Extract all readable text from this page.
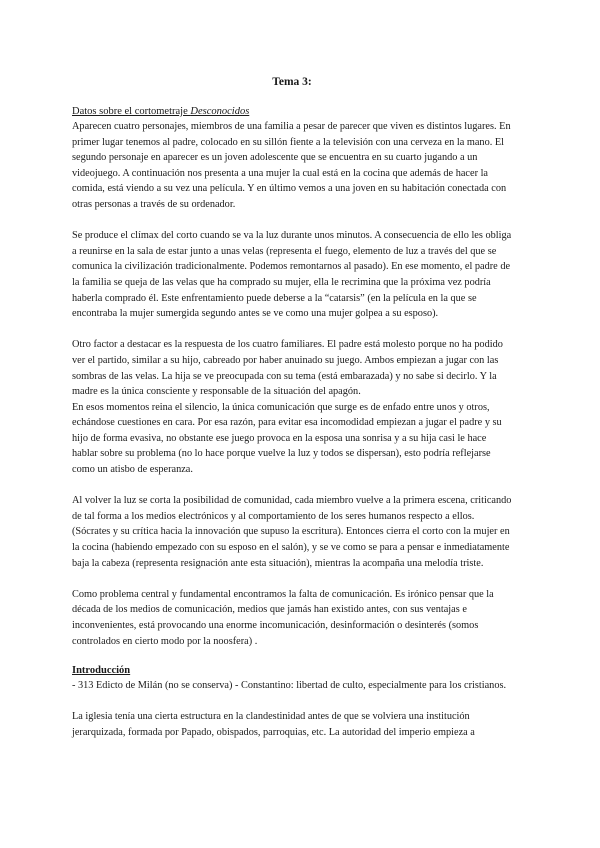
Tema 3:
Datos sobre el cortometraje Desconocidos

Aparecen cuatro personajes, miembros de una familia a pesar de parecer que viven es distintos lugares. En primer lugar tenemos al padre, colocado en su sillón fiente a la televisión con una cerveza en la mano. El segundo personaje en aparecer es un joven adolescente que se encuentra en su cuarto jugando a un videojuego. A continuación nos presenta a una mujer la cual está en la cocina que además de hacer la comida, está viendo a su vez una película. Y en último vemos a una joven en su habitación conectada con otras personas a través de su ordenador.

Se produce el clímax del corto cuando se va la luz durante unos minutos. A consecuencia de ello les obliga a reunirse en la sala de estar junto a unas velas (representa el fuego, elemento de luz a través del que se comunica la civilización tradicionalmente. Podemos remontarnos al pasado). En ese momento, el padre de la familia se queja de las velas que ha comprado su mujer, ella le recrimina que la próxima vez podría haberla comprado él. Este enfrentamiento puede deberse a la “catarsis” (en la película en la que se encontraba la mujer sumergida segundo antes se ve como una mujer golpea a su esposo).

Otro factor a destacar es la respuesta de los cuatro familiares. El padre está molesto porque no ha podido ver el partido, similar a su hijo, cabreado por haber anuinado su juego. Ambos empiezan a jugar con las sombras de las velas. La hija se ve preocupada con su tema (está embarazada) y no sabe si decirlo. Y la madre es la única consciente y responsable de la situación del apagón.

En esos momentos reina el silencio, la única comunicación que surge es de enfado entre unos y otros, echándose cuestiones en cara. Por esa razón, para evitar esa incomodidad empiezan a jugar el padre y su hijo de forma evasiva, no obstante ese juego provoca en la esposa una sonrisa y a su hija casi le hace hablar sobre su problema (no lo hace porque vuelve la luz y todos se dispersan), esto podría reflejarse como un atisbo de esperanza.

Al volver la luz se corta la posibilidad de comunidad, cada miembro vuelve a la primera escena, criticando de tal forma a los medios electrónicos y al comportamiento de los seres humanos respecto a ellos. (Sócrates y su crítica hacia la innovación que supuso la escritura). Entonces cierra el corto con la mujer en la cocina (habiendo empezado con su esposo en el salón), y se ve como se para a pensar e inmediatamente baja la cabeza (representa resignación ante esta situación), mientras la acompaña una melodía triste.

Como problema central y fundamental encontramos la falta de comunicación. Es irónico pensar que la década de los medios de comunicación, medios que jamás han existido antes, con sus ventajas e inconvenientes, está provocando una enorme incomunicación, desinformación o desinterés (somos controlados en cierto modo por la noosfera) .

Introducción

- 313 Edicto de Milán (no se conserva) - Constantino: libertad de culto, especialmente para los cristianos.

La iglesia tenía una cierta estructura en la clandestinidad antes de que se volviera una institución jerarquizada, formada por Papado, obispados, parroquias, etc. La autoridad del imperio empieza a
